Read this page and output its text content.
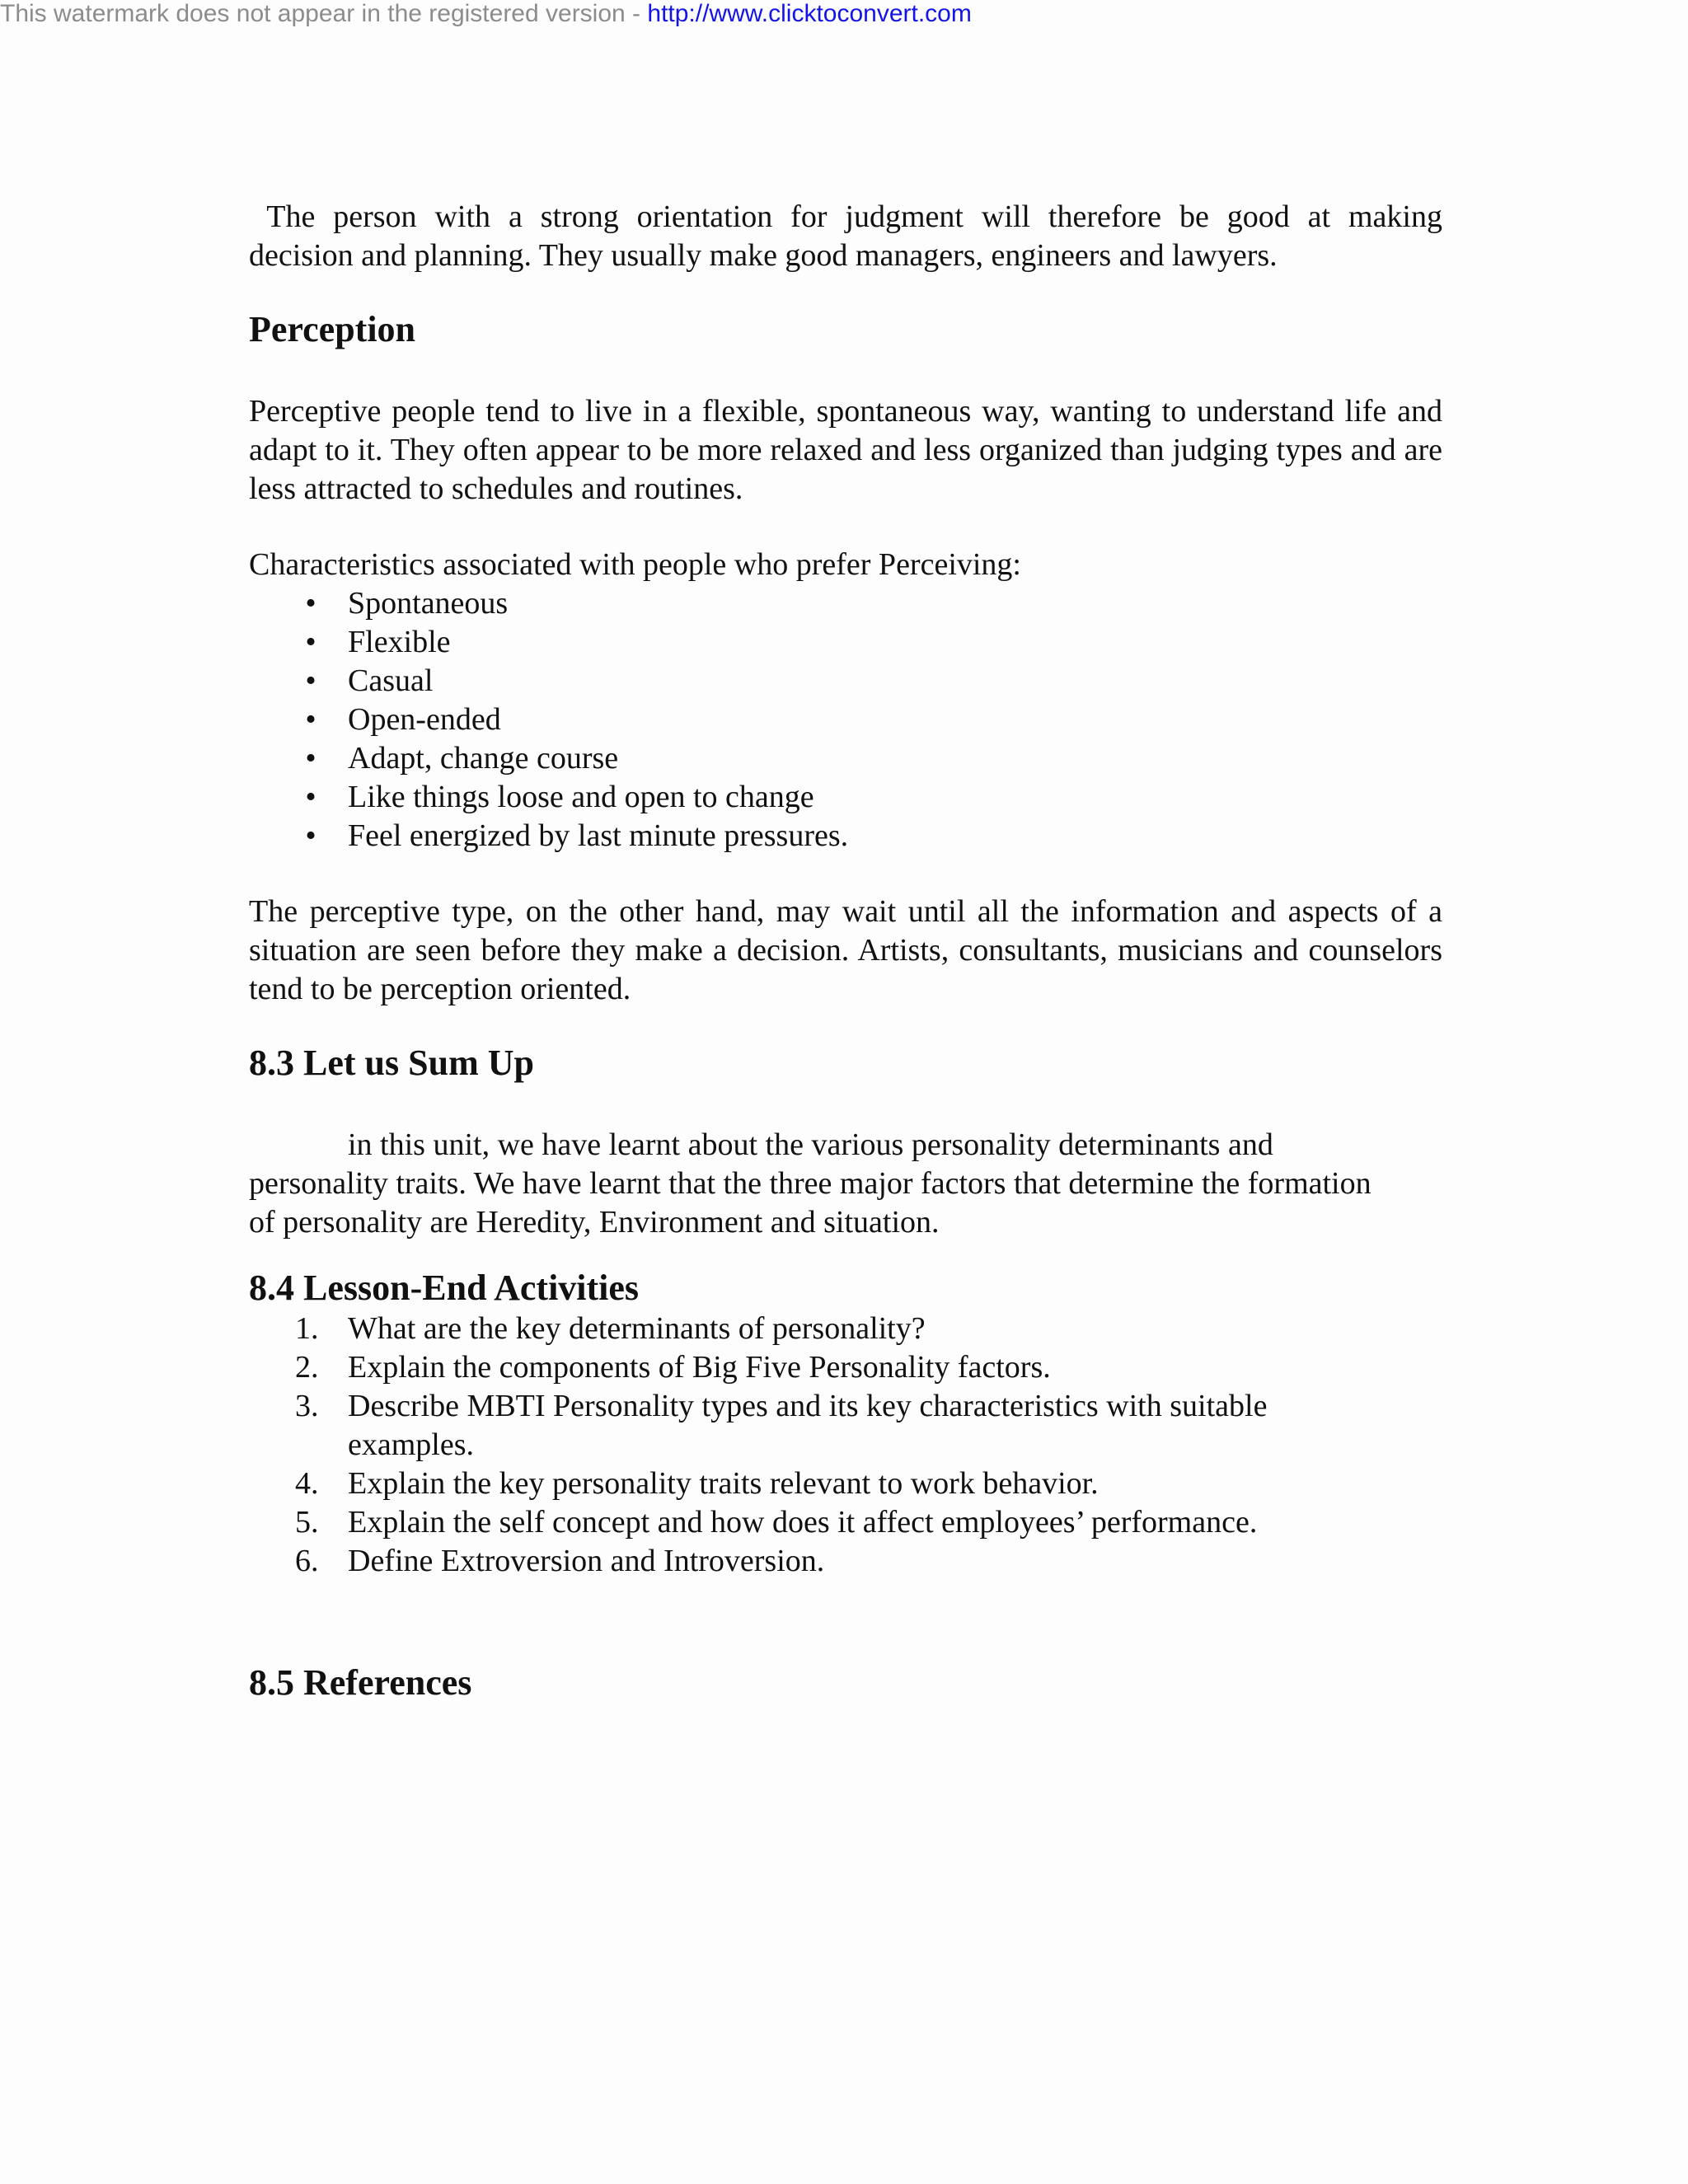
This watermark does not appear in the registered version - http://www.clicktoconvert.com

The person with a strong orientation for judgment will therefore be good at making

decision and planning. They usually make good managers, engineers and lawyers.

Perception

Perceptive people tend to live in a flexible, spontaneous way, wanting to understand life and adapt to it. They often appear to be more relaxed and less organized than judging types and are less attracted to schedules and routines.

Characteristics associated with people who prefer Perceiving:

• Spontaneous
• Flexible
• Casual
• Open-ended
• Adapt, change course
• Like things loose and open to change
• Feel energized by last minute pressures.

The perceptive type, on the other hand, may wait until all the information and aspects of a situation are seen before they make a decision. Artists, consultants, musicians and counselors tend to be perception oriented.

8.3 Let us Sum Up

in this unit, we have learnt about the various personality determinants and

personality traits. We have learnt that the three major factors that determine the formation

of personality are Heredity, Environment and situation.

8.4 Lesson-End Activities
1. What are the key determinants of personality?
2. Explain the components of Big Five Personality factors.
3. Describe MBTI Personality types and its key characteristics with suitable examples.
4. Explain the key personality traits relevant to work behavior.
5. Explain the self concept and how does it affect employees’ performance.
6. Define Extroversion and Introversion.
8.5 References
